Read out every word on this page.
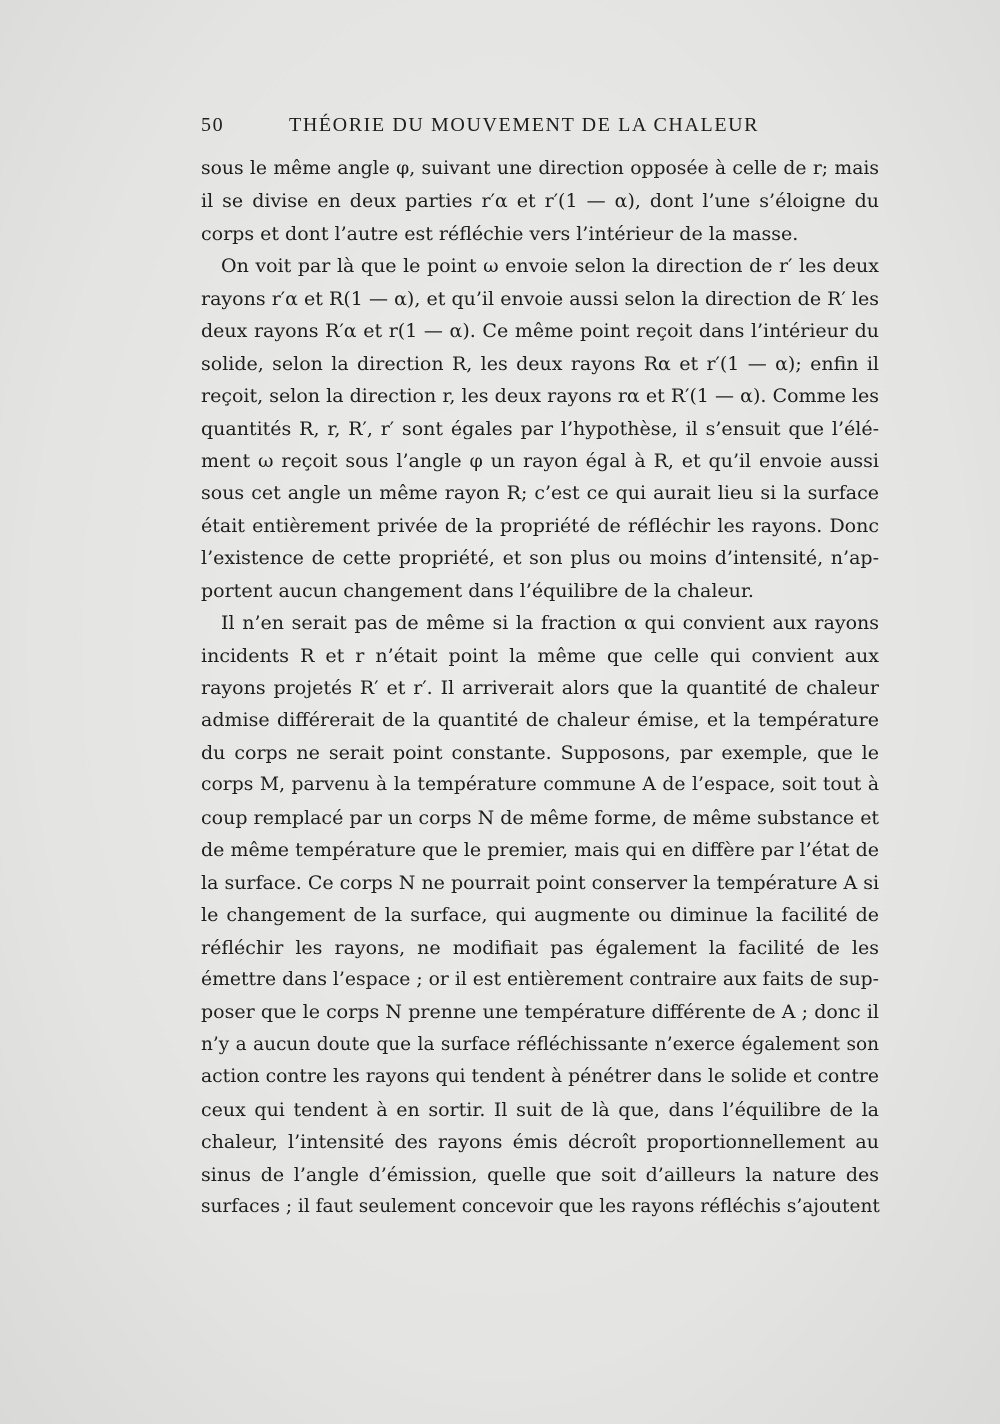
50	THÉORIE DU MOUVEMENT DE LA CHALEUR
sous le même angle φ, suivant une direction opposée à celle de r; mais
il se divise en deux parties r′α et r′(1 — α), dont l’une s’éloigne du
corps et dont l’autre est réfléchie vers l’intérieur de la masse.
On voit par là que le point ω envoie selon la direction de r′ les deux
rayons r′α et R(1 — α), et qu’il envoie aussi selon la direction de R′ les
deux rayons R′α et r(1 — α). Ce même point reçoit dans l’intérieur du
solide, selon la direction R, les deux rayons Rα et r′(1 — α); enfin il
reçoit, selon la direction r, les deux rayons rα et R′(1 — α). Comme les
quantités R, r, R′, r′ sont égales par l’hypothèse, il s’ensuit que l’élé-
ment ω reçoit sous l’angle φ un rayon égal à R, et qu’il envoie aussi
sous cet angle un même rayon R; c’est ce qui aurait lieu si la surface
était entièrement privée de la propriété de réfléchir les rayons. Donc
l’existence de cette propriété, et son plus ou moins d’intensité, n’ap-
portent aucun changement dans l’équilibre de la chaleur.
Il n’en serait pas de même si la fraction α qui convient aux rayons
incidents R et r n’était point la même que celle qui convient aux
rayons projetés R′ et r′. Il arriverait alors que la quantité de chaleur
admise différerait de la quantité de chaleur émise, et la température
du corps ne serait point constante. Supposons, par exemple, que le
corps M, parvenu à la température commune A de l’espace, soit tout à
coup remplacé par un corps N de même forme, de même substance et
de même température que le premier, mais qui en diffère par l’état de
la surface. Ce corps N ne pourrait point conserver la température A si
le changement de la surface, qui augmente ou diminue la facilité de
réfléchir les rayons, ne modifiait pas également la facilité de les
émettre dans l’espace ; or il est entièrement contraire aux faits de sup-
poser que le corps N prenne une température différente de A ; donc il
n’y a aucun doute que la surface réfléchissante n’exerce également son
action contre les rayons qui tendent à pénétrer dans le solide et contre
ceux qui tendent à en sortir. Il suit de là que, dans l’équilibre de la
chaleur, l’intensité des rayons émis décroît proportionnellement au
sinus de l’angle d’émission, quelle que soit d’ailleurs la nature des
surfaces ; il faut seulement concevoir que les rayons réfléchis s’ajoutent
